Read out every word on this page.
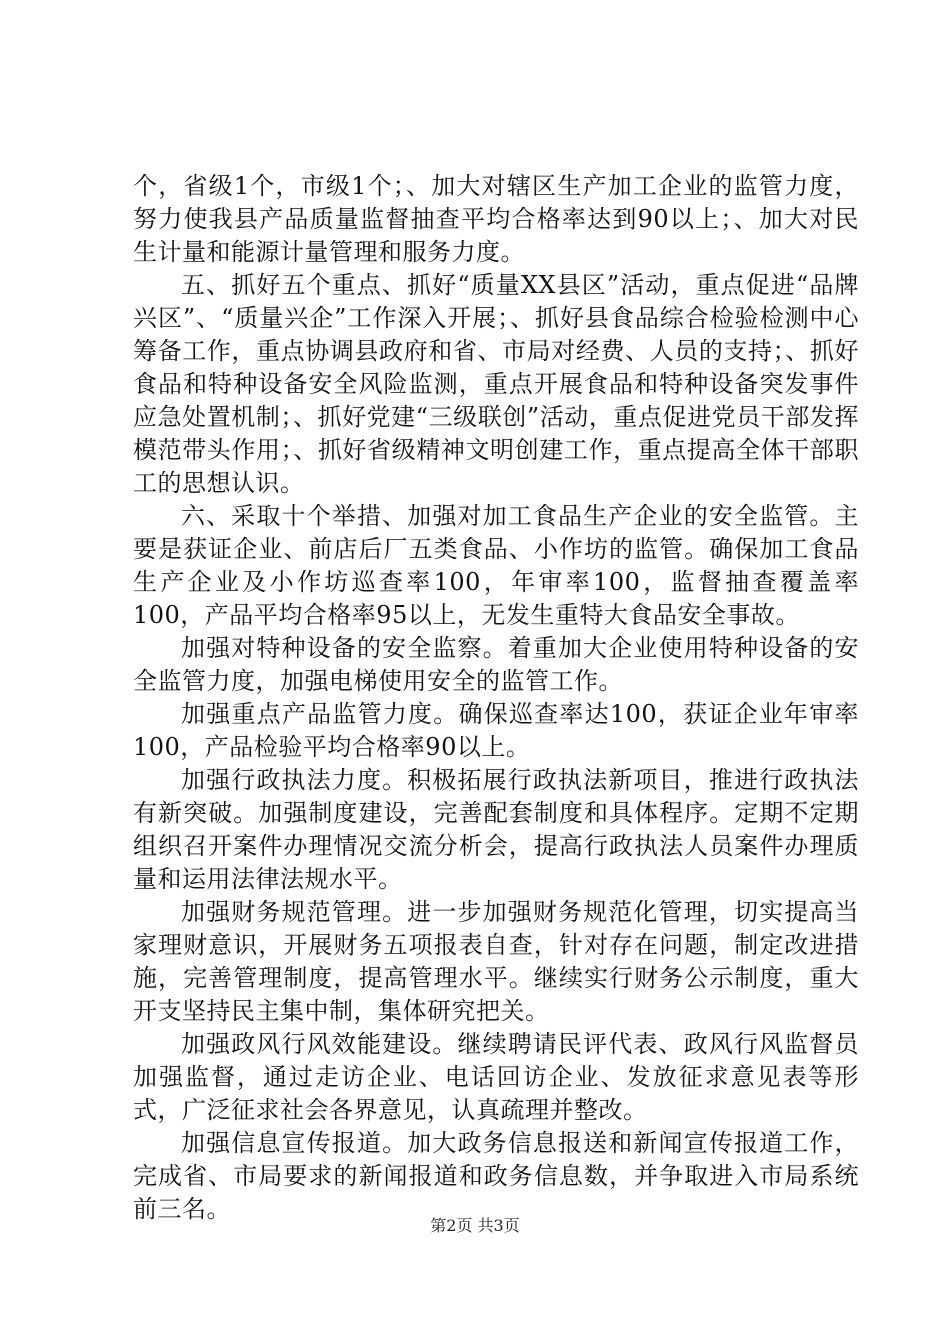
个，省级1个，市级1个；、加大对辖区生产加工企业的监管力度，努力使我县产品质量监督抽查平均合格率达到90以上；、加大对民生计量和能源计量管理和服务力度。

五、抓好五个重点、抓好“质量XX县区”活动，重点促进“品牌兴区”、“质量兴企”工作深入开展；、抓好县食品综合检验检测中心筹备工作，重点协调县政府和省、市局对经费、人员的支持；、抓好食品和特种设备安全风险监测，重点开展食品和特种设备突发事件应急处置机制；、抓好党建“三级联创”活动，重点促进党员干部发挥模范带头作用；、抓好省级精神文明创建工作，重点提高全体干部职工的思想认识。

六、采取十个举措、加强对加工食品生产企业的安全监管。主要是获证企业、前店后厂五类食品、小作坊的监管。确保加工食品生产企业及小作坊巡查率100，年审率100，监督抽查覆盖率100，产品平均合格率95以上，无发生重特大食品安全事故。

加强对特种设备的安全监察。着重加大企业使用特种设备的安全监管力度，加强电梯使用安全的监管工作。

加强重点产品监管力度。确保巡查率达100，获证企业年审率100，产品检验平均合格率90以上。

加强行政执法力度。积极拓展行政执法新项目，推进行政执法有新突破。加强制度建设，完善配套制度和具体程序。定期不定期组织召开案件办理情况交流分析会，提高行政执法人员案件办理质量和运用法律法规水平。

加强财务规范管理。进一步加强财务规范化管理，切实提高当家理财意识，开展财务五项报表自查，针对存在问题，制定改进措施，完善管理制度，提高管理水平。继续实行财务公示制度，重大开支坚持民主集中制，集体研究把关。

加强政风行风效能建设。继续聘请民评代表、政风行风监督员加强监督，通过走访企业、电话回访企业、发放征求意见表等形式，广泛征求社会各界意见，认真疏理并整改。

加强信息宣传报道。加大政务信息报送和新闻宣传报道工作，完成省、市局要求的新闻报道和政务信息数，并争取进入市局系统前三名。

第2页 共3页
